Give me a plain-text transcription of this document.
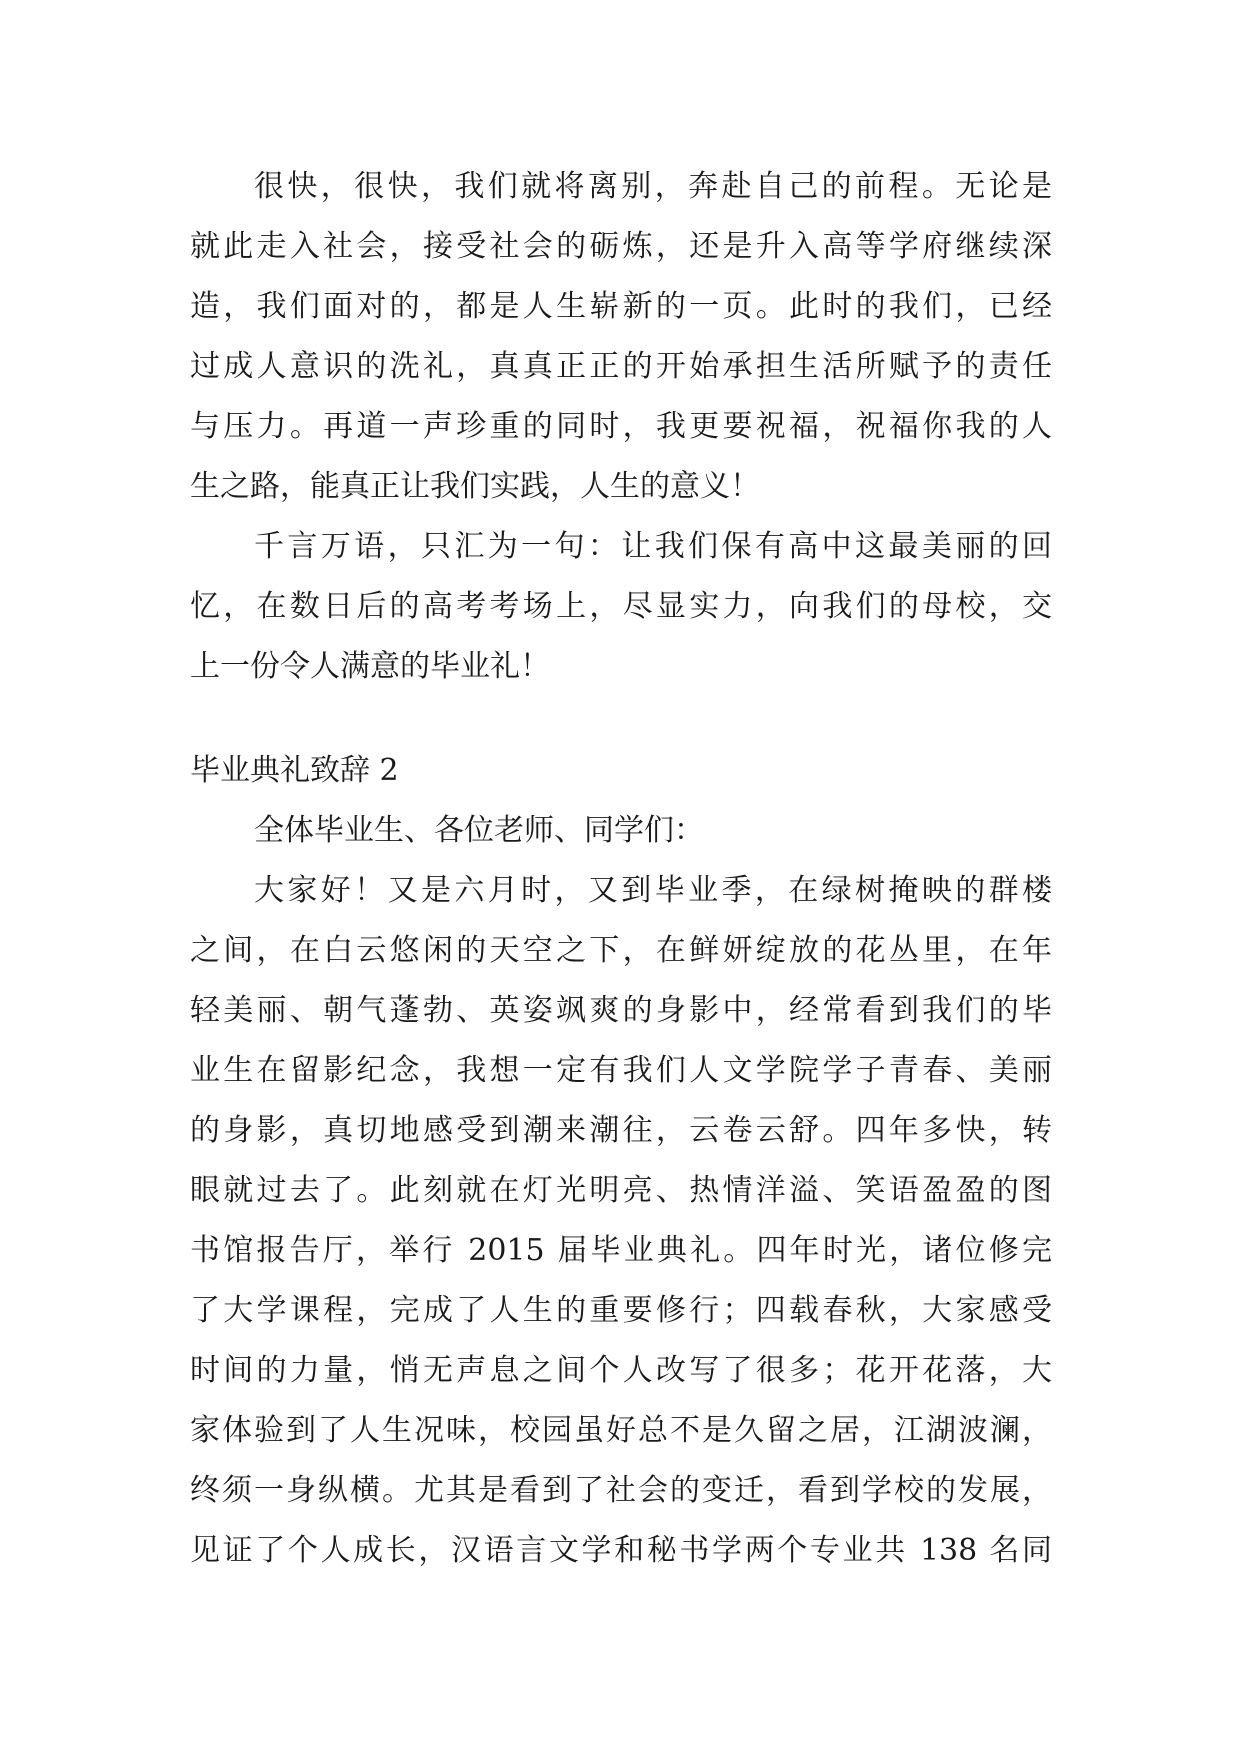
很快，很快，我们就将离别，奔赴自己的前程。无论是
就此走入社会，接受社会的砺炼，还是升入高等学府继续深
造，我们面对的，都是人生崭新的一页。此时的我们，已经
过成人意识的洗礼，真真正正的开始承担生活所赋予的责任
与压力。再道一声珍重的同时，我更要祝福，祝福你我的人
生之路，能真正让我们实践，人生的意义！
千言万语，只汇为一句：让我们保有高中这最美丽的回
忆，在数日后的高考考场上，尽显实力，向我们的母校，交
上一份令人满意的毕业礼！
毕业典礼致辞 2
全体毕业生、各位老师、同学们：
大家好！又是六月时，又到毕业季，在绿树掩映的群楼
之间，在白云悠闲的天空之下，在鲜妍绽放的花丛里，在年
轻美丽、朝气蓬勃、英姿飒爽的身影中，经常看到我们的毕
业生在留影纪念，我想一定有我们人文学院学子青春、美丽
的身影，真切地感受到潮来潮往，云卷云舒。四年多快，转
眼就过去了。此刻就在灯光明亮、热情洋溢、笑语盈盈的图
书馆报告厅，举行 2015 届毕业典礼。四年时光，诸位修完
了大学课程，完成了人生的重要修行；四载春秋，大家感受
时间的力量，悄无声息之间个人改写了很多；花开花落，大
家体验到了人生况味，校园虽好总不是久留之居，江湖波澜，
终须一身纵横。尤其是看到了社会的变迁，看到学校的发展，
见证了个人成长，汉语言文学和秘书学两个专业共 138 名同
